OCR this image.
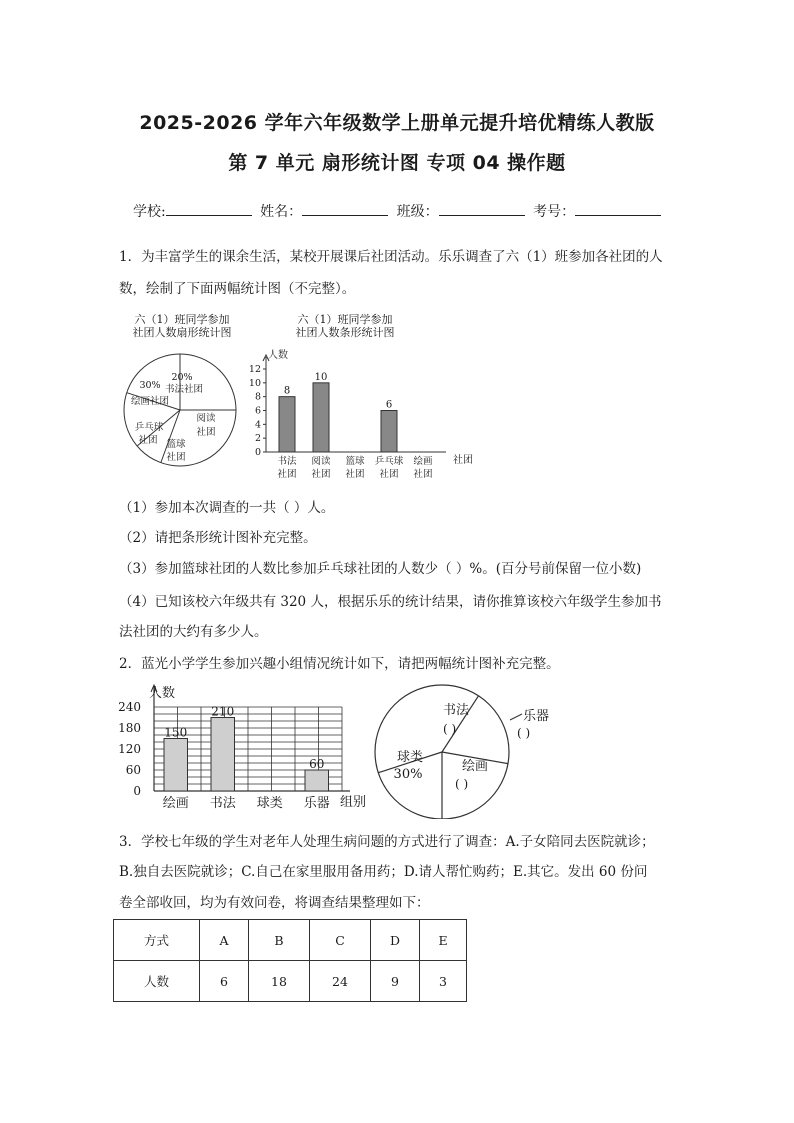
2025-2026 学年六年级数学上册单元提升培优精练人教版
第 7 单元 扇形统计图 专项 04 操作题
学校:	姓名：	班级：	考号：
1．为丰富学生的课余生活，某校开展课后社团活动。乐乐调查了六（1）班参加各社团的人
数，绘制了下面两幅统计图（不完整）。
六（1）班同学参加
社团人数扇形统计图
六（1）班同学参加
社团人数条形统计图
20%
书法社团
30%
绘画社团
阅读
社团
乒乓球
社团 篮球
社团
8
10
6
0
2
4
6
8
10
12
书法
社团
阅读
社团
篮球
社团
乒乓球
社团
绘画
社团
人数
社团
（1）参加本次调查的一共（ ）人。
（2）请把条形统计图补充完整。
（3）参加篮球社团的人数比参加乒乓球社团的人数少（ ）%。(百分号前保留一位小数)
（4）已知该校六年级共有 320 人，根据乐乐的统计结果，请你推算该校六年级学生参加书
法社团的大约有多少人。
2．蓝光小学学生参加兴趣小组情况统计如下，请把两幅统计图补充完整。
150
210
60
0
60
120
180
240
绘画 书法 球类 乐器
人数
组别
书法
( )
乐器
( )
球类
30%
绘画
( )
3．学校七年级的学生对老年人处理生病问题的方式进行了调查：A.子女陪同去医院就诊；
B.独自去医院就诊；C.自己在家里服用备用药；D.请人帮忙购药；E.其它。发出 60 份问
卷全部收回，均为有效问卷，将调查结果整理如下：
方式	A	B	C	D	E
人数	6	18	24	9	3
